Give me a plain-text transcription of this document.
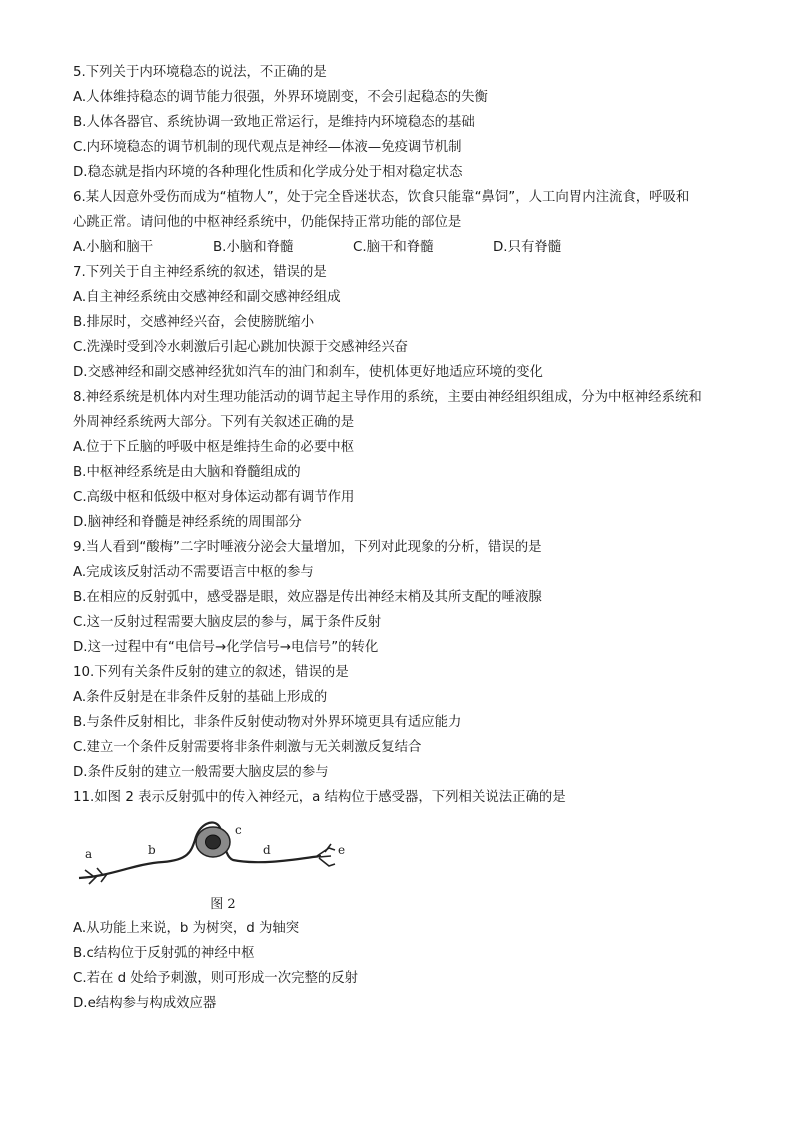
5.下列关于内环境稳态的说法，不正确的是
A.人体维持稳态的调节能力很强，外界环境剧变，不会引起稳态的失衡
B.人体各器官、系统协调一致地正常运行，是维持内环境稳态的基础
C.内环境稳态的调节机制的现代观点是神经—体液—免疫调节机制
D.稳态就是指内环境的各种理化性质和化学成分处于相对稳定状态
6.某人因意外受伤而成为“植物人”，处于完全昏迷状态，饮食只能靠“鼻饲”，人工向胃内注流食，呼吸和
心跳正常。请问他的中枢神经系统中，仍能保持正常功能的部位是
A.小脑和脑干	B.小脑和脊髓	C.脑干和脊髓	D.只有脊髓
7.下列关于自主神经系统的叙述，错误的是
A.自主神经系统由交感神经和副交感神经组成
B.排尿时，交感神经兴奋，会使膀胱缩小
C.洗澡时受到冷水刺激后引起心跳加快源于交感神经兴奋
D.交感神经和副交感神经犹如汽车的油门和刹车，使机体更好地适应环境的变化
8.神经系统是机体内对生理功能活动的调节起主导作用的系统，主要由神经组织组成，分为中枢神经系统和
外周神经系统两大部分。下列有关叙述正确的是
A.位于下丘脑的呼吸中枢是维持生命的必要中枢
B.中枢神经系统是由大脑和脊髓组成的
C.高级中枢和低级中枢对身体运动都有调节作用
D.脑神经和脊髓是神经系统的周围部分
9.当人看到“酸梅”二字时唾液分泌会大量增加，下列对此现象的分析，错误的是
A.完成该反射活动不需要语言中枢的参与
B.在相应的反射弧中，感受器是眼，效应器是传出神经末梢及其所支配的唾液腺
C.这一反射过程需要大脑皮层的参与，属于条件反射
D.这一过程中有“电信号→化学信号→电信号”的转化
10.下列有关条件反射的建立的叙述，错误的是
A.条件反射是在非条件反射的基础上形成的
B.与条件反射相比，非条件反射使动物对外界环境更具有适应能力
C.建立一个条件反射需要将非条件刺激与无关刺激反复结合
D.条件反射的建立一般需要大脑皮层的参与
11.如图 2 表示反射弧中的传入神经元，a 结构位于感受器，下列相关说法正确的是
a	b
c
d	e
图 2
A.从功能上来说，b 为树突，d 为轴突
B.c结构位于反射弧的神经中枢
C.若在 d 处给予刺激，则可形成一次完整的反射
D.e结构参与构成效应器
